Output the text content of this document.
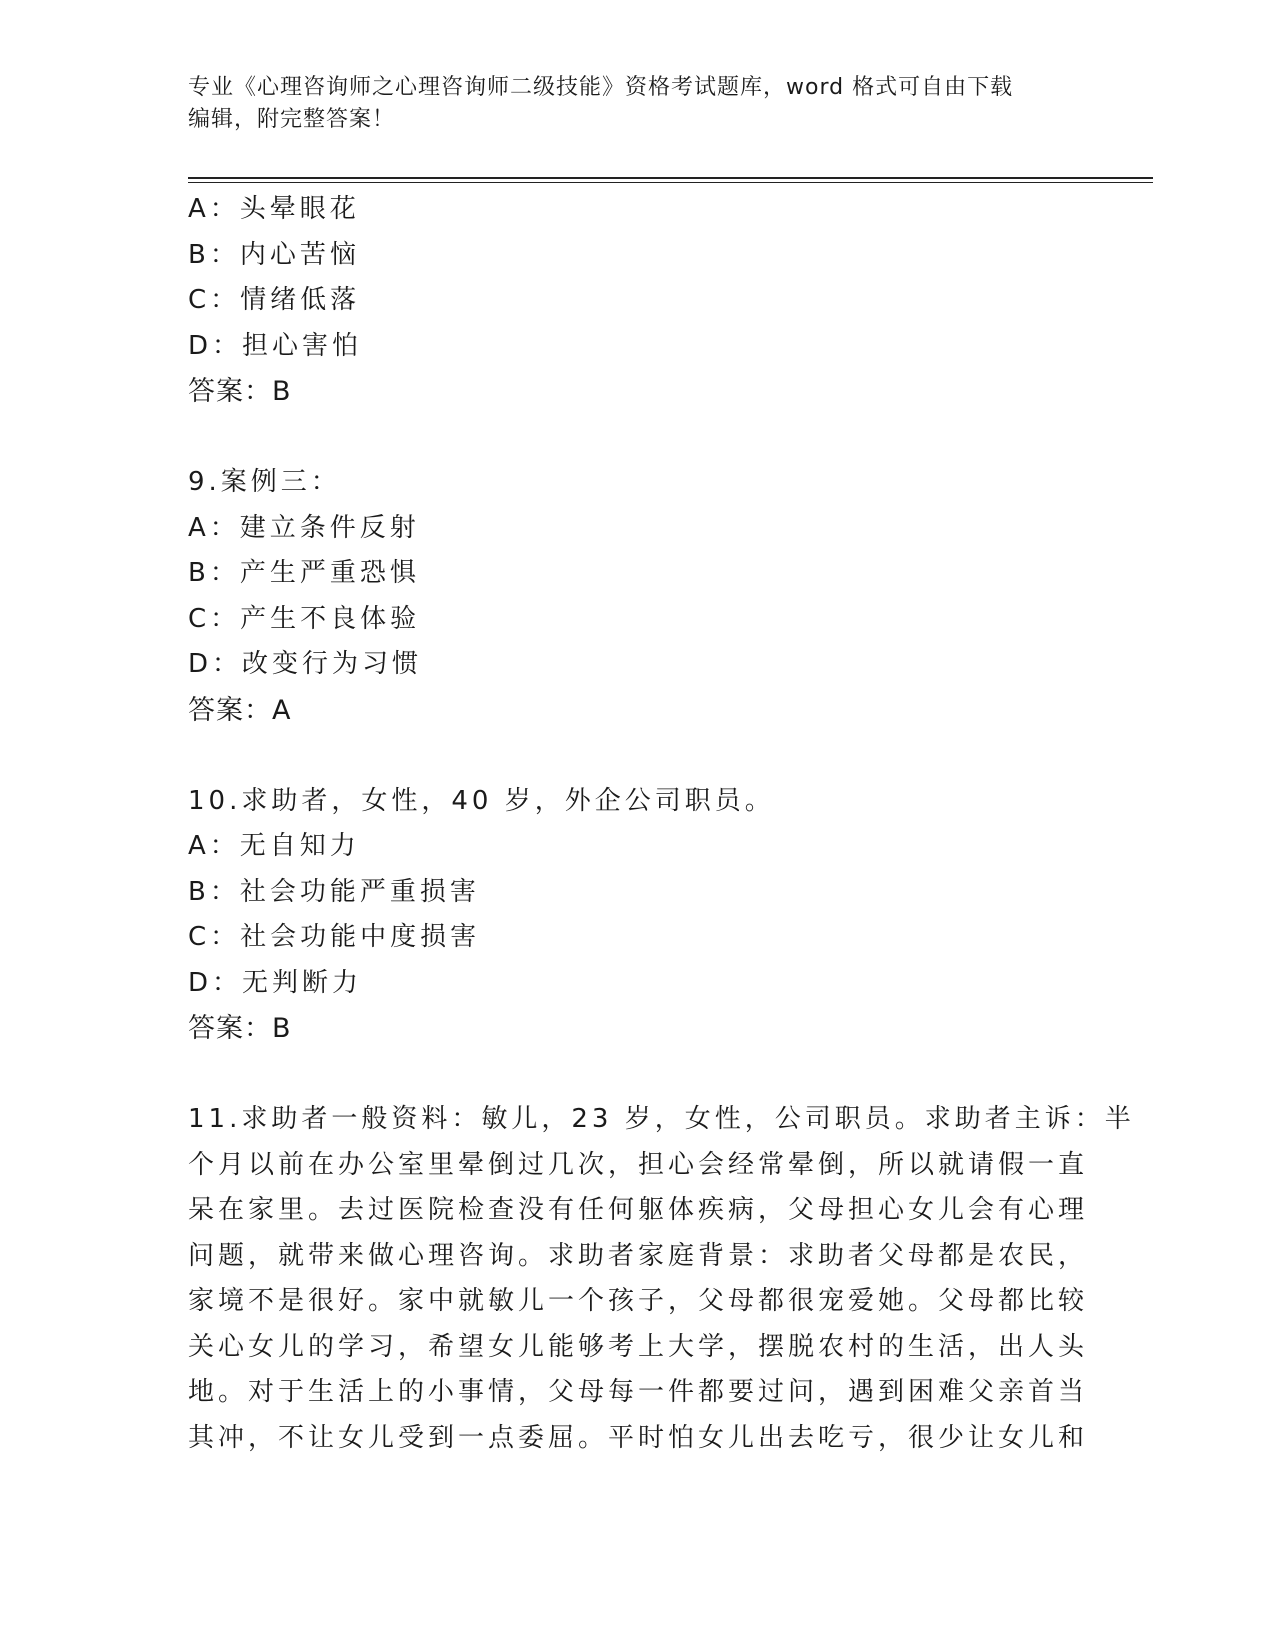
专业《心理咨询师之心理咨询师二级技能》资格考试题库，word 格式可自由下载
编辑，附完整答案！
A：头晕眼花
B：内心苦恼
C：情绪低落
D：担心害怕
答案：B
9.案例三：
A：建立条件反射
B：产生严重恐惧
C：产生不良体验
D：改变行为习惯
答案：A
10.求助者，女性，40 岁，外企公司职员。
A：无自知力
B：社会功能严重损害
C：社会功能中度损害
D：无判断力
答案：B
11.求助者一般资料：敏儿，23 岁，女性，公司职员。求助者主诉：半
个月以前在办公室里晕倒过几次，担心会经常晕倒，所以就请假一直
呆在家里。去过医院检查没有任何躯体疾病，父母担心女儿会有心理
问题，就带来做心理咨询。求助者家庭背景：求助者父母都是农民，
家境不是很好。家中就敏儿一个孩子，父母都很宠爱她。父母都比较
关心女儿的学习，希望女儿能够考上大学，摆脱农村的生活，出人头
地。对于生活上的小事情，父母每一件都要过问，遇到困难父亲首当
其冲，不让女儿受到一点委屈。平时怕女儿出去吃亏，很少让女儿和
